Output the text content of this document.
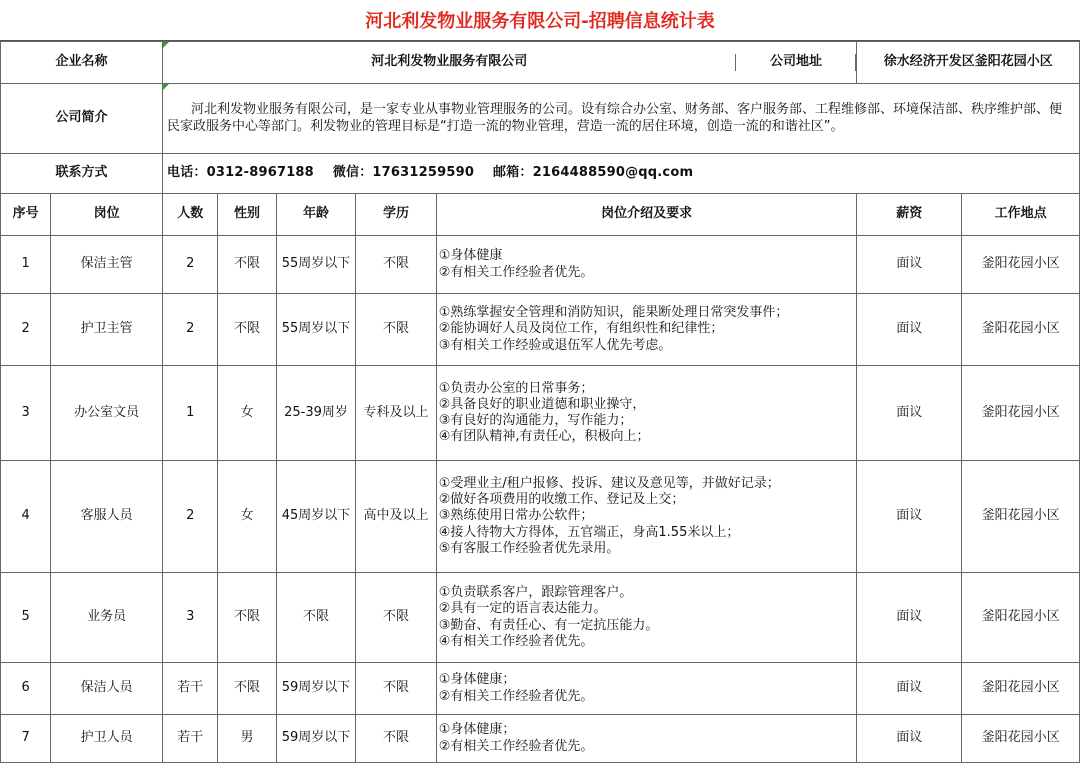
河北利发物业服务有限公司-招聘信息统计表
企业名称		河北利发物业服务有限公司 公司地址					徐水经济开发区釜阳花园小区	
公司简介		河北利发物业服务有限公司，是一家专业从事物业管理服务的公司。设有综合办公室、财务部、客户服务部、工程维修部、环境保洁部、秩序维护部、便民家政服务中心等部门。利发物业的管理目标是“打造一流的物业管理，营造一流的居住环境，创造一流的和谐社区”。						
联系方式		电话：0312-8967188    微信：17631259590    邮箱：2164488590@qq.com						
序号	岗位	人数	性别	年龄	学历	岗位介绍及要求	薪资	工作地点
1	保洁主管	2	不限	55周岁以下	不限	①身体健康
②有相关工作经验者优先。	面议	釜阳花园小区
2	护卫主管	2	不限	55周岁以下	不限	①熟练掌握安全管理和消防知识，能果断处理日常突发事件；
②能协调好人员及岗位工作，有组织性和纪律性；
③有相关工作经验或退伍军人优先考虑。	面议	釜阳花园小区
3	办公室文员	1	女	25-39周岁	专科及以上	①负责办公室的日常事务；
②具备良好的职业道德和职业操守，
③有良好的沟通能力，写作能力；
④有团队精神,有责任心，积极向上；	面议	釜阳花园小区
4	客服人员	2	女	45周岁以下	高中及以上	①受理业主/租户报修、投诉、建议及意见等，并做好记录；
②做好各项费用的收缴工作、登记及上交；
③熟练使用日常办公软件；
④接人待物大方得体，五官端正，身高1.55米以上；
⑤有客服工作经验者优先录用。	面议	釜阳花园小区
5	业务员	3	不限	不限	不限	①负责联系客户，跟踪管理客户。
②具有一定的语言表达能力。
③勤奋、有责任心、有一定抗压能力。
④有相关工作经验者优先。	面议	釜阳花园小区
6	保洁人员	若干	不限	59周岁以下	不限	①身体健康；
②有相关工作经验者优先。	面议	釜阳花园小区
7	护卫人员	若干	男	59周岁以下	不限	①身体健康；
②有相关工作经验者优先。	面议	釜阳花园小区
